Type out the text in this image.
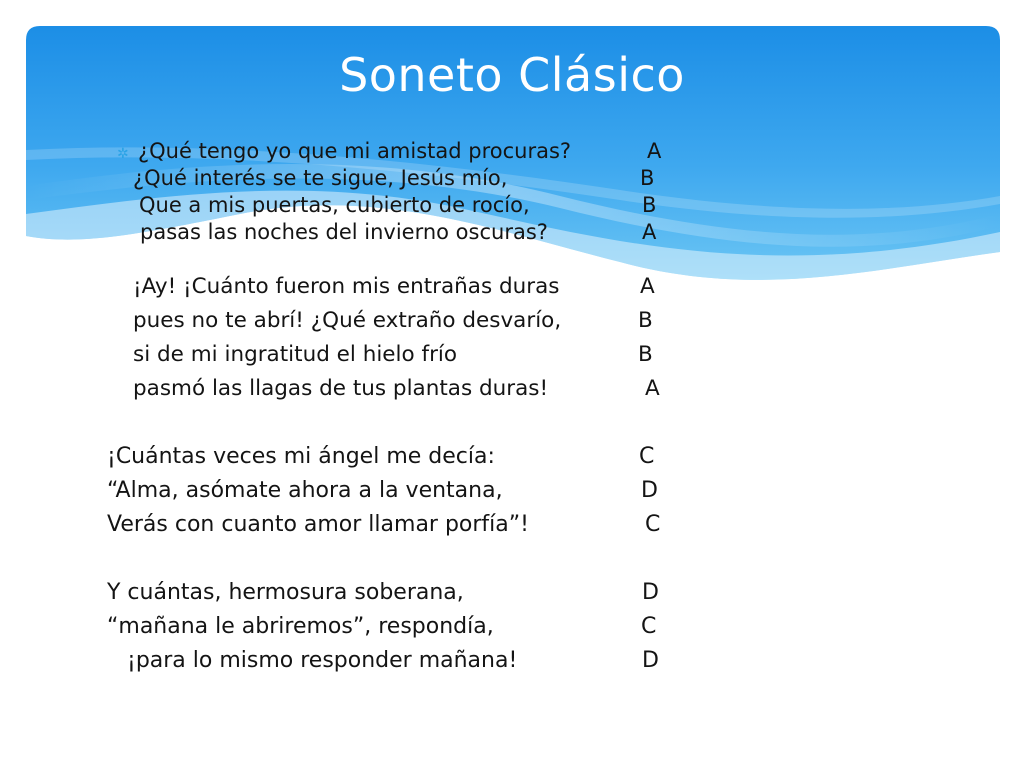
Soneto Clásico
✲ ¿Qué tengo yo que mi amistad procuras?	A
¿Qué interés se te sigue, Jesús mío,	B
Que a mis puertas, cubierto de rocío,	B
pasas las noches del invierno oscuras?	A
¡Ay! ¡Cuánto fueron mis entrañas duras	A
pues no te abrí! ¿Qué extraño desvarío,	B
si de mi ingratitud el hielo frío	B
pasmó las llagas de tus plantas duras!	A
¡Cuántas veces mi ángel me decía:	C
“Alma, asómate ahora a la ventana,	D
Verás con cuanto amor llamar porfía”!	C
Y cuántas, hermosura soberana,	D
“mañana le abriremos”, respondía,	C
¡para lo mismo responder mañana!	D
